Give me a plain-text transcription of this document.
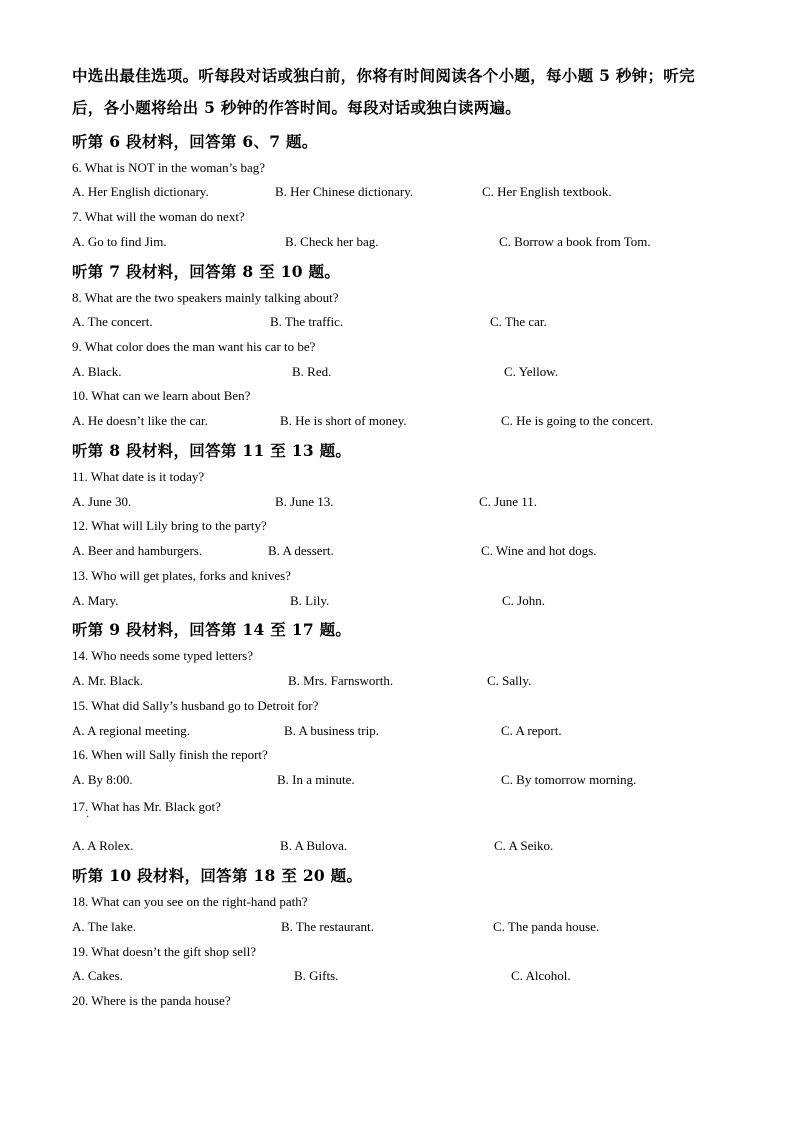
中选出最佳选项。听每段对话或独白前，你将有时间阅读各个小题，每小题 5 秒钟；听完
后，各小题将给出 5 秒钟的作答时间。每段对话或独白读两遍。
听第 6 段材料，回答第 6、7 题。
6. What is NOT in the woman’s bag?
A. Her English dictionary.	B. Her Chinese dictionary.	C. Her English textbook.
7. What will the woman do next?
A. Go to find Jim.	B. Check her bag.	C. Borrow a book from Tom.
听第 7 段材料，回答第 8 至 10 题。
8. What are the two speakers mainly talking about?
A. The concert.	B. The traffic.	C. The car.
9. What color does the man want his car to be?
A. Black.	B. Red.	C. Yellow.
10. What can we learn about Ben?
A. He doesn’t like the car.	B. He is short of money.	C. He is going to the concert.
听第 8 段材料，回答第 11 至 13 题。
11. What date is it today?
A. June 30.	B. June 13.	C. June 11.
12. What will Lily bring to the party?
A. Beer and hamburgers.	B. A dessert.	C. Wine and hot dogs.
13. Who will get plates, forks and knives?
A. Mary.	B. Lily.	C. John.
听第 9 段材料，回答第 14 至 17 题。
14. Who needs some typed letters?
A. Mr. Black.	B. Mrs. Farnsworth.	C. Sally.
15. What did Sally’s husband go to Detroit for?
A. A regional meeting.	B. A business trip.	C. A report.
16. When will Sally finish the report?
A. By 8:00.	B. In a minute.	C. By tomorrow morning.
17. What has Mr. Black got?
·
A. A Rolex.	B. A Bulova.	C. A Seiko.
听第 10 段材料，回答第 18 至 20 题。
18. What can you see on the right-hand path?
A. The lake.	B. The restaurant.	C. The panda house.
19. What doesn’t the gift shop sell?
A. Cakes.	B. Gifts.	C. Alcohol.
20. Where is the panda house?
